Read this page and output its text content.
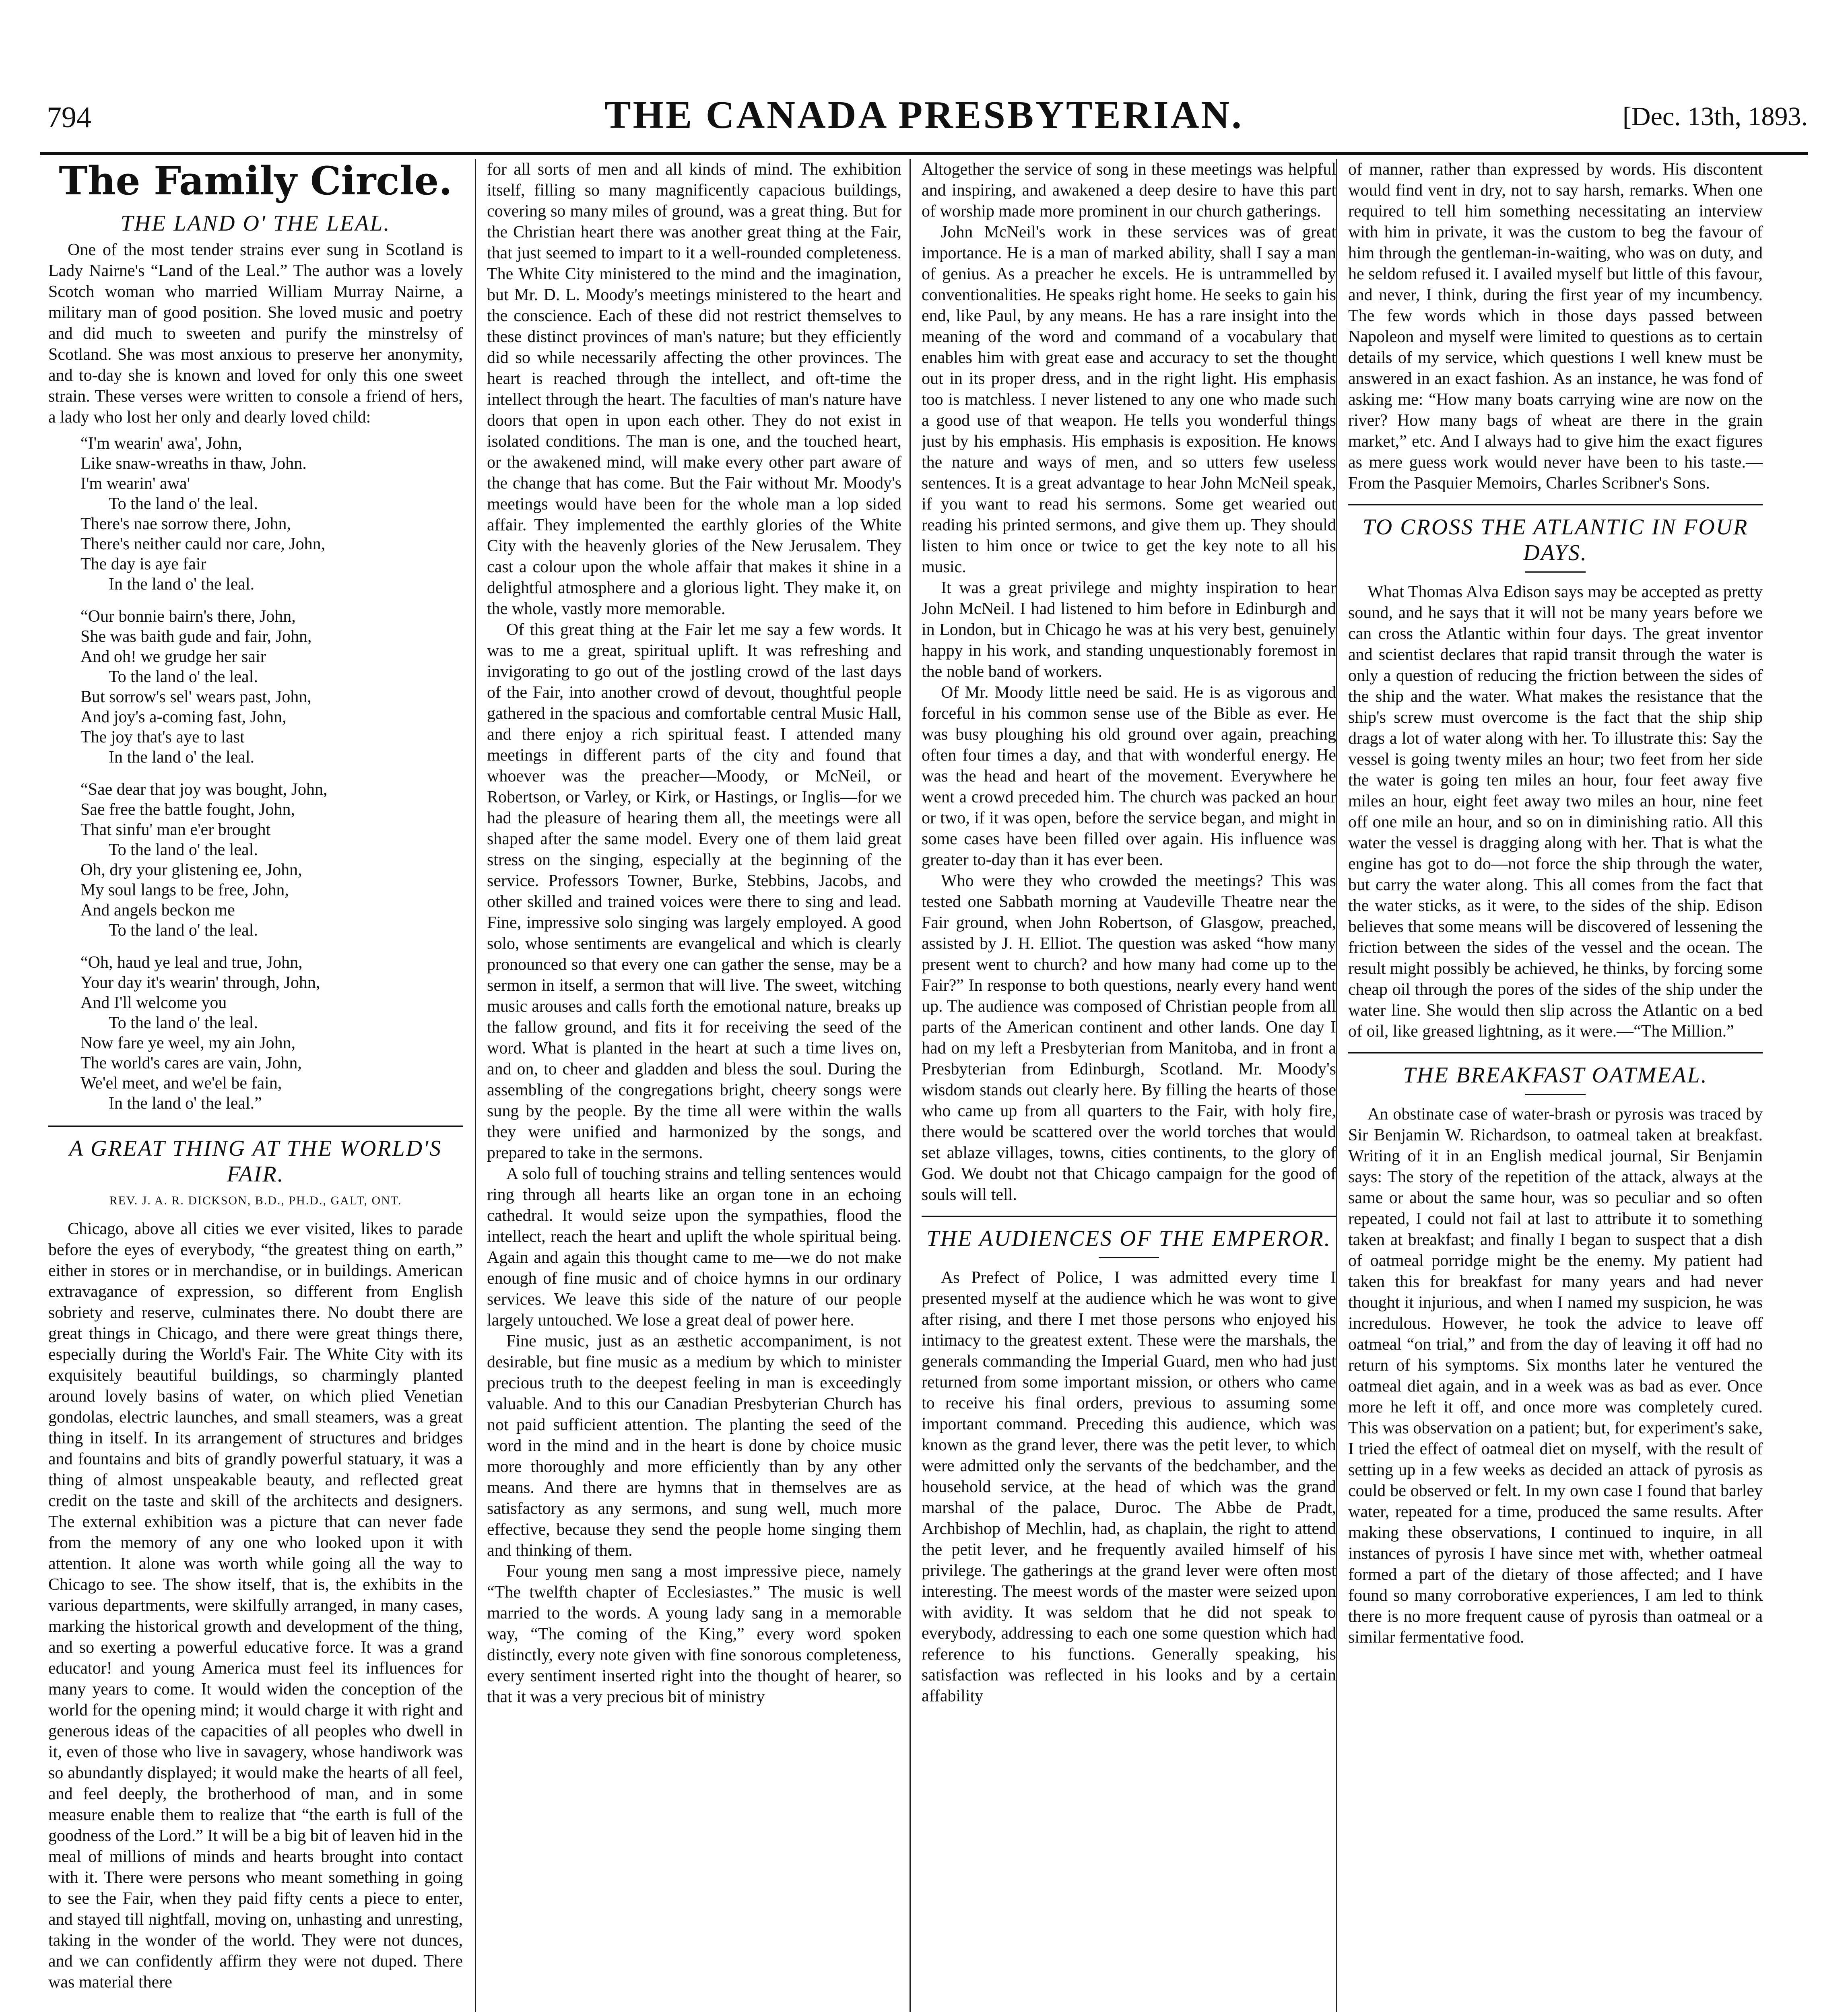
794	THE CANADA PRESBYTERIAN.	[Dec. 13th, 1893.
The Family Circle.
THE LAND O' THE LEAL.

One of the most tender strains ever sung in Scotland is Lady Nairne's “Land of the Leal.” The author was a lovely Scotch woman who married William Murray Nairne, a military man of good position. She loved music and poetry and did much to sweeten and purify the minstrelsy of Scotland. She was most anxious to preserve her anonymity, and to-day she is known and loved for only this one sweet strain. These verses were written to console a friend of hers, a lady who lost her only and dearly loved child:

“I'm wearin' awa', John,
Like snaw-wreaths in thaw, John.
I'm wearin' awa'
To the land o' the leal.
There's nae sorrow there, John,
There's neither cauld nor care, John,
The day is aye fair
In the land o' the leal.
“Our bonnie bairn's there, John,
She was baith gude and fair, John,
And oh! we grudge her sair
To the land o' the leal.
But sorrow's sel' wears past, John,
And joy's a-coming fast, John,
The joy that's aye to last
In the land o' the leal.
“Sae dear that joy was bought, John,
Sae free the battle fought, John,
That sinfu' man e'er brought
To the land o' the leal.
Oh, dry your glistening ee, John,
My soul langs to be free, John,
And angels beckon me
To the land o' the leal.
“Oh, haud ye leal and true, John,
Your day it's wearin' through, John,
And I'll welcome you
To the land o' the leal.
Now fare ye weel, my ain John,
The world's cares are vain, John,
We'el meet, and we'el be fain,
In the land o' the leal.”
A GREAT THING AT THE WORLD'S FAIR.
REV. J. A. R. DICKSON, B.D., PH.D., GALT, ONT.

Chicago, above all cities we ever visited, likes to parade before the eyes of everybody, “the greatest thing on earth,” either in stores or in merchandise, or in buildings. American extravagance of expression, so different from English sobriety and reserve, culminates there. No doubt there are great things in Chicago, and there were great things there, especially during the World's Fair. The White City with its exquisitely beautiful buildings, so charmingly planted around lovely basins of water, on which plied Venetian gondolas, electric launches, and small steamers, was a great thing in itself. In its arrangement of structures and bridges and fountains and bits of grandly powerful statuary, it was a thing of almost unspeakable beauty, and reflected great credit on the taste and skill of the architects and designers. The external exhibition was a picture that can never fade from the memory of any one who looked upon it with attention. It alone was worth while going all the way to Chicago to see. The show itself, that is, the exhibits in the various departments, were skilfully arranged, in many cases, marking the historical growth and development of the thing, and so exerting a powerful educative force. It was a grand educator! and young America must feel its influences for many years to come. It would widen the conception of the world for the opening mind; it would charge it with right and generous ideas of the capacities of all peoples who dwell in it, even of those who live in savagery, whose handiwork was so abundantly displayed; it would make the hearts of all feel, and feel deeply, the brotherhood of man, and in some measure enable them to realize that “the earth is full of the goodness of the Lord.” It will be a big bit of leaven hid in the meal of millions of minds and hearts brought into contact with it. There were persons who meant something in going to see the Fair, when they paid fifty cents a piece to enter, and stayed till nightfall, moving on, unhasting and unresting, taking in the wonder of the world. They were not dunces, and we can confidently affirm they were not duped. There was material there

for all sorts of men and all kinds of mind. The exhibition itself, filling so many magnificently capacious buildings, covering so many miles of ground, was a great thing. But for the Christian heart there was another great thing at the Fair, that just seemed to impart to it a well-rounded completeness. The White City ministered to the mind and the imagination, but Mr. D. L. Moody's meetings ministered to the heart and the conscience. Each of these did not restrict themselves to these distinct provinces of man's nature; but they efficiently did so while necessarily affecting the other provinces. The heart is reached through the intellect, and oft-time the intellect through the heart. The faculties of man's nature have doors that open in upon each other. They do not exist in isolated conditions. The man is one, and the touched heart, or the awakened mind, will make every other part aware of the change that has come. But the Fair without Mr. Moody's meetings would have been for the whole man a lop sided affair. They implemented the earthly glories of the White City with the heavenly glories of the New Jerusalem. They cast a colour upon the whole affair that makes it shine in a delightful atmosphere and a glorious light. They make it, on the whole, vastly more memorable.

Of this great thing at the Fair let me say a few words. It was to me a great, spiritual uplift. It was refreshing and invigorating to go out of the jostling crowd of the last days of the Fair, into another crowd of devout, thoughtful people gathered in the spacious and comfortable central Music Hall, and there enjoy a rich spiritual feast. I attended many meetings in different parts of the city and found that whoever was the preacher—Moody, or McNeil, or Robertson, or Varley, or Kirk, or Hastings, or Inglis—for we had the pleasure of hearing them all, the meetings were all shaped after the same model. Every one of them laid great stress on the singing, especially at the beginning of the service. Professors Towner, Burke, Stebbins, Jacobs, and other skilled and trained voices were there to sing and lead. Fine, impressive solo singing was largely employed. A good solo, whose sentiments are evangelical and which is clearly pronounced so that every one can gather the sense, may be a sermon in itself, a sermon that will live. The sweet, witching music arouses and calls forth the emotional nature, breaks up the fallow ground, and fits it for receiving the seed of the word. What is planted in the heart at such a time lives on, and on, to cheer and gladden and bless the soul. During the assembling of the congregations bright, cheery songs were sung by the people. By the time all were within the walls they were unified and harmonized by the songs, and prepared to take in the sermons.

A solo full of touching strains and telling sentences would ring through all hearts like an organ tone in an echoing cathedral. It would seize upon the sympathies, flood the intellect, reach the heart and uplift the whole spiritual being. Again and again this thought came to me—we do not make enough of fine music and of choice hymns in our ordinary services. We leave this side of the nature of our people largely untouched. We lose a great deal of power here.

Fine music, just as an æsthetic accompaniment, is not desirable, but fine music as a medium by which to minister precious truth to the deepest feeling in man is exceedingly valuable. And to this our Canadian Presbyterian Church has not paid sufficient attention. The planting the seed of the word in the mind and in the heart is done by choice music more thoroughly and more efficiently than by any other means. And there are hymns that in themselves are as satisfactory as any sermons, and sung well, much more effective, because they send the people home singing them and thinking of them.

Four young men sang a most impressive piece, namely “The twelfth chapter of Ecclesiastes.” The music is well married to the words. A young lady sang in a memorable way, “The coming of the King,” every word spoken distinctly, every note given with fine sonorous completeness, every sentiment inserted right into the thought of hearer, so that it was a very precious bit of ministry

Altogether the service of song in these meetings was helpful and inspiring, and awakened a deep desire to have this part of worship made more prominent in our church gatherings.

John McNeil's work in these services was of great importance. He is a man of marked ability, shall I say a man of genius. As a preacher he excels. He is untrammelled by conventionalities. He speaks right home. He seeks to gain his end, like Paul, by any means. He has a rare insight into the meaning of the word and command of a vocabulary that enables him with great ease and accuracy to set the thought out in its proper dress, and in the right light. His emphasis too is matchless. I never listened to any one who made such a good use of that weapon. He tells you wonderful things just by his emphasis. His emphasis is exposition. He knows the nature and ways of men, and so utters few useless sentences. It is a great advantage to hear John McNeil speak, if you want to read his sermons. Some get wearied out reading his printed sermons, and give them up. They should listen to him once or twice to get the key note to all his music.

It was a great privilege and mighty inspiration to hear John McNeil. I had listened to him before in Edinburgh and in London, but in Chicago he was at his very best, genuinely happy in his work, and standing unquestionably foremost in the noble band of workers.

Of Mr. Moody little need be said. He is as vigorous and forceful in his common sense use of the Bible as ever. He was busy ploughing his old ground over again, preaching often four times a day, and that with wonderful energy. He was the head and heart of the movement. Everywhere he went a crowd preceded him. The church was packed an hour or two, if it was open, before the service began, and might in some cases have been filled over again. His influence was greater to-day than it has ever been.

Who were they who crowded the meetings? This was tested one Sabbath morning at Vaudeville Theatre near the Fair ground, when John Robertson, of Glasgow, preached, assisted by J. H. Elliot. The question was asked “how many present went to church? and how many had come up to the Fair?” In response to both questions, nearly every hand went up. The audience was composed of Christian people from all parts of the American continent and other lands. One day I had on my left a Presbyterian from Manitoba, and in front a Presbyterian from Edinburgh, Scotland. Mr. Moody's wisdom stands out clearly here. By filling the hearts of those who came up from all quarters to the Fair, with holy fire, there would be scattered over the world torches that would set ablaze villages, towns, cities continents, to the glory of God. We doubt not that Chicago campaign for the good of souls will tell.

THE AUDIENCES OF THE EMPEROR.

As Prefect of Police, I was admitted every time I presented myself at the audience which he was wont to give after rising, and there I met those persons who enjoyed his intimacy to the greatest extent. These were the marshals, the generals commanding the Imperial Guard, men who had just returned from some important mission, or others who came to receive his final orders, previous to assuming some important command. Preceding this audience, which was known as the grand lever, there was the petit lever, to which were admitted only the servants of the bedchamber, and the household service, at the head of which was the grand marshal of the palace, Duroc. The Abbe de Pradt, Archbishop of Mechlin, had, as chaplain, the right to attend the petit lever, and he frequently availed himself of his privilege. The gatherings at the grand lever were often most interesting. The meest words of the master were seized upon with avidity. It was seldom that he did not speak to everybody, addressing to each one some question which had reference to his functions. Generally speaking, his satisfaction was reflected in his looks and by a certain affability

of manner, rather than expressed by words. His discontent would find vent in dry, not to say harsh, remarks. When one required to tell him something necessitating an interview with him in private, it was the custom to beg the favour of him through the gentleman-in-waiting, who was on duty, and he seldom refused it. I availed myself but little of this favour, and never, I think, during the first year of my incumbency. The few words which in those days passed between Napoleon and myself were limited to questions as to certain details of my service, which questions I well knew must be answered in an exact fashion. As an instance, he was fond of asking me: “How many boats carrying wine are now on the river? How many bags of wheat are there in the grain market,” etc. And I always had to give him the exact figures as mere guess work would never have been to his taste.—From the Pasquier Memoirs, Charles Scribner's Sons.

TO CROSS THE ATLANTIC IN FOUR DAYS.

What Thomas Alva Edison says may be accepted as pretty sound, and he says that it will not be many years before we can cross the Atlantic within four days. The great inventor and scientist declares that rapid transit through the water is only a question of reducing the friction between the sides of the ship and the water. What makes the resistance that the ship's screw must overcome is the fact that the ship ship drags a lot of water along with her. To illustrate this: Say the vessel is going twenty miles an hour; two feet from her side the water is going ten miles an hour, four feet away five miles an hour, eight feet away two miles an hour, nine feet off one mile an hour, and so on in diminishing ratio. All this water the vessel is dragging along with her. That is what the engine has got to do—not force the ship through the water, but carry the water along. This all comes from the fact that the water sticks, as it were, to the sides of the ship. Edison believes that some means will be discovered of lessening the friction between the sides of the vessel and the ocean. The result might possibly be achieved, he thinks, by forcing some cheap oil through the pores of the sides of the ship under the water line. She would then slip across the Atlantic on a bed of oil, like greased lightning, as it were.—“The Million.”

THE BREAKFAST OATMEAL.

An obstinate case of water-brash or pyrosis was traced by Sir Benjamin W. Richardson, to oatmeal taken at breakfast. Writing of it in an English medical journal, Sir Benjamin says: The story of the repetition of the attack, always at the same or about the same hour, was so peculiar and so often repeated, I could not fail at last to attribute it to something taken at breakfast; and finally I began to suspect that a dish of oatmeal porridge might be the enemy. My patient had taken this for breakfast for many years and had never thought it injurious, and when I named my suspicion, he was incredulous. However, he took the advice to leave off oatmeal “on trial,” and from the day of leaving it off had no return of his symptoms. Six months later he ventured the oatmeal diet again, and in a week was as bad as ever. Once more he left it off, and once more was completely cured. This was observation on a patient; but, for experiment's sake, I tried the effect of oatmeal diet on myself, with the result of setting up in a few weeks as decided an attack of pyrosis as could be observed or felt. In my own case I found that barley water, repeated for a time, produced the same results. After making these observations, I continued to inquire, in all instances of pyrosis I have since met with, whether oatmeal formed a part of the dietary of those affected; and I have found so many corroborative experiences, I am led to think there is no more frequent cause of pyrosis than oatmeal or a similar fermentative food.
